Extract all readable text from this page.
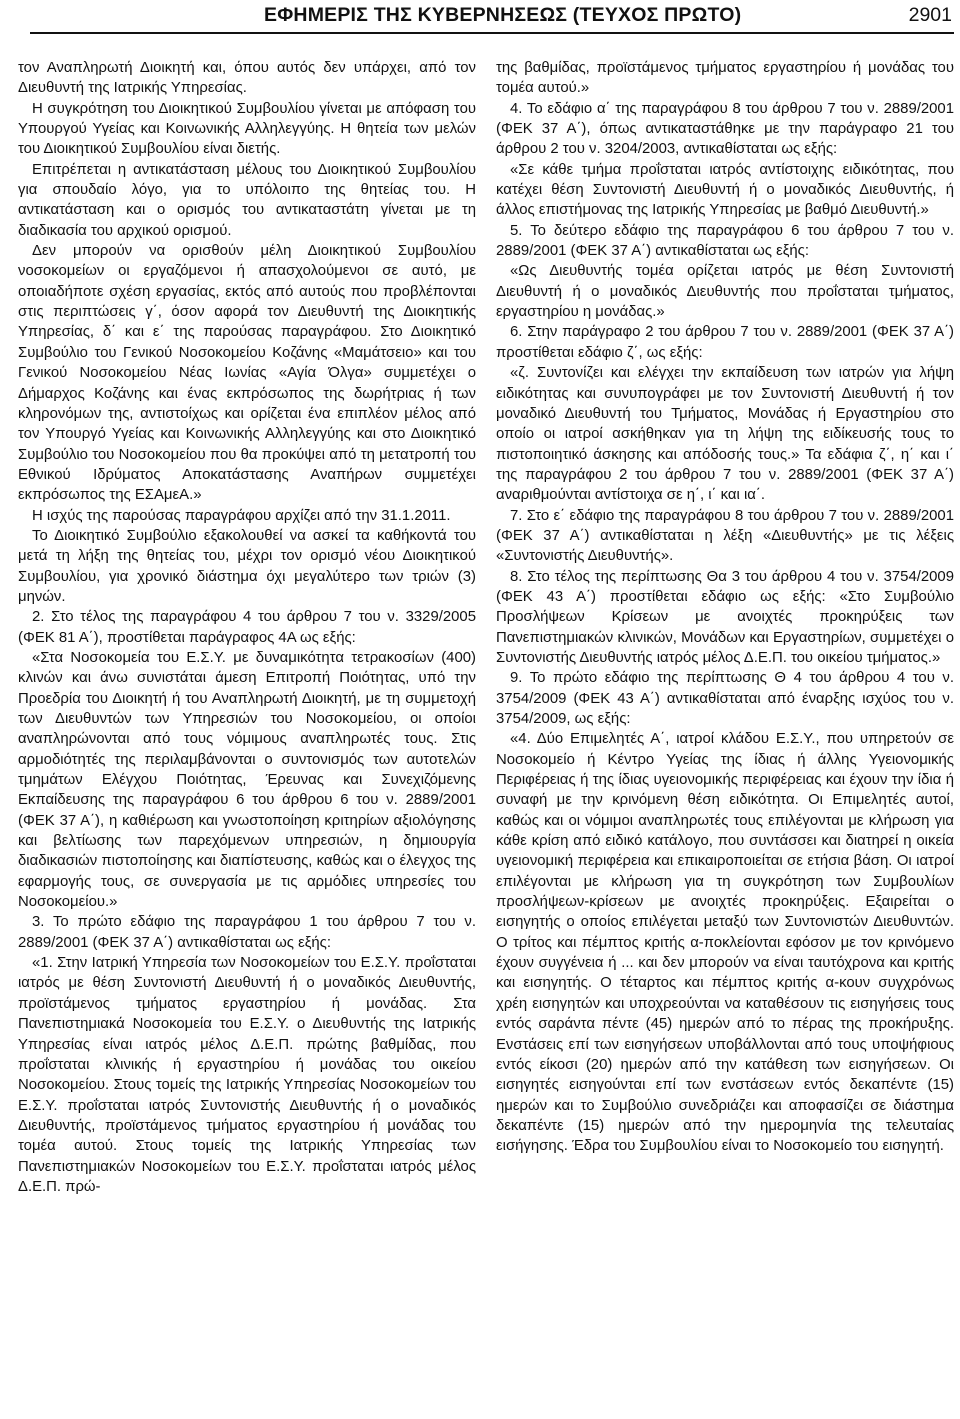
ΕΦΗΜΕΡΙΣ ΤΗΣ ΚΥΒΕΡΝΗΣΕΩΣ (ΤΕΥΧΟΣ ΠΡΩΤΟ)	2901

τον Αναπληρωτή Διοικητή και, όπου αυτός δεν υπάρχει, από τον Διευθυντή της Ιατρικής Υπηρεσίας.

Η συγκρότηση του Διοικητικού Συμβουλίου γίνεται με απόφαση του Υπουργού Υγείας και Κοινωνικής Αλληλεγγύης. Η θητεία των μελών του Διοικητικού Συμβουλίου είναι διετής.

Επιτρέπεται η αντικατάσταση μέλους του Διοικητικού Συμβουλίου για σπουδαίο λόγο, για το υπόλοιπο της θητείας του. Η αντικατάσταση και ο ορισμός του αντικαταστάτη γίνεται με τη διαδικασία του αρχικού ορισμού.

Δεν μπορούν να ορισθούν μέλη Διοικητικού Συμβουλίου νοσοκομείων οι εργαζόμενοι ή απασχολούμενοι σε αυτό, με οποιαδήποτε σχέση εργασίας, εκτός από αυτούς που προβλέπονται στις περιπτώσεις γ΄, όσον αφορά τον Διευθυντή της Διοικητικής Υπηρεσίας, δ΄ και ε΄ της παρούσας παραγράφου. Στο Διοικητικό Συμβούλιο του Γενικού Νοσοκομείου Κοζάνης «Μαμάτσειο» και του Γενικού Νοσοκομείου Νέας Ιωνίας «Αγία Όλγα» συμμετέχει ο Δήμαρχος Κοζάνης και ένας εκπρόσωπος της δωρήτριας ή των κληρονόμων της, αντιστοίχως και ορίζεται ένα επιπλέον μέλος από τον Υπουργό Υγείας και Κοινωνικής Αλληλεγγύης και στο Διοικητικό Συμβούλιο του Νοσοκομείου που θα προκύψει από τη μετατροπή του Εθνικού Ιδρύματος Αποκατάστασης Αναπήρων συμμετέχει εκπρόσωπος της ΕΣΑμεΑ.»

Η ισχύς της παρούσας παραγράφου αρχίζει από την 31.1.2011.

Το Διοικητικό Συμβούλιο εξακολουθεί να ασκεί τα καθήκοντά του μετά τη λήξη της θητείας του, μέχρι τον ορισμό νέου Διοικητικού Συμβουλίου, για χρονικό διάστημα όχι μεγαλύτερο των τριών (3) μηνών.

2. Στο τέλος της παραγράφου 4 του άρθρου 7 του ν. 3329/2005 (ΦΕΚ 81 Α΄), προστίθεται παράγραφος 4Α ως εξής:

«Στα Νοσοκομεία του Ε.Σ.Υ. με δυναμικότητα τετρακοσίων (400) κλινών και άνω συνιστάται άμεση Επιτροπή Ποιότητας, υπό την Προεδρία του Διοικητή ή του Αναπληρωτή Διοικητή, με τη συμμετοχή των Διευθυντών των Υπηρεσιών του Νοσοκομείου, οι οποίοι αναπληρώνονται από τους νόμιμους αναπληρωτές τους. Στις αρμοδιότητές της περιλαμβάνονται ο συντονισμός των αυτοτελών τμημάτων Ελέγχου Ποιότητας, Έρευνας και Συνεχιζόμενης Εκπαίδευσης της παραγράφου 6 του άρθρου 6 του ν. 2889/2001 (ΦΕΚ 37 Α΄), η καθιέρωση και γνωστοποίηση κριτηρίων αξιολόγησης και βελτίωσης των παρεχόμενων υπηρεσιών, η δημιουργία διαδικασιών πιστοποίησης και διαπίστευσης, καθώς και ο έλεγχος της εφαρμογής τους, σε συνεργασία με τις αρμόδιες υπηρεσίες του Νοσοκομείου.»

3. Το πρώτο εδάφιο της παραγράφου 1 του άρθρου 7 του ν. 2889/2001 (ΦΕΚ 37 Α΄) αντικαθίσταται ως εξής:

«1. Στην Ιατρική Υπηρεσία των Νοσοκομείων του Ε.Σ.Υ. προΐσταται ιατρός με θέση Συντονιστή Διευθυντή ή ο μοναδικός Διευθυντής, προϊστάμενος τμήματος εργαστηρίου ή μονάδας. Στα Πανεπιστημιακά Νοσοκομεία του Ε.Σ.Υ. ο Διευθυντής της Ιατρικής Υπηρεσίας είναι ιατρός μέλος Δ.Ε.Π. πρώτης βαθμίδας, που προΐσταται κλινικής ή εργαστηρίου ή μονάδας του οικείου Νοσοκομείου. Στους τομείς της Ιατρικής Υπηρεσίας Νοσοκομείων του Ε.Σ.Υ. προΐσταται ιατρός Συντονιστής Διευθυντής ή ο μοναδικός Διευθυντής, προϊστάμενος τμήματος εργαστηρίου ή μονάδας του τομέα αυτού. Στους τομείς της Ιατρικής Υπηρεσίας των Πανεπιστημιακών Νοσοκομείων του Ε.Σ.Υ. προΐσταται ιατρός μέλος Δ.Ε.Π. πρώ-

της βαθμίδας, προϊστάμενος τμήματος εργαστηρίου ή μονάδας του τομέα αυτού.»

4. Το εδάφιο α΄ της παραγράφου 8 του άρθρου 7 του ν. 2889/2001 (ΦΕΚ 37 Α΄), όπως αντικαταστάθηκε με την παράγραφο 21 του άρθρου 2 του ν. 3204/2003, αντικαθίσταται ως εξής:

«Σε κάθε τμήμα προΐσταται ιατρός αντίστοιχης ειδικότητας, που κατέχει θέση Συντονιστή Διευθυντή ή ο μοναδικός Διευθυντής, ή άλλος επιστήμονας της Ιατρικής Υπηρεσίας με βαθμό Διευθυντή.»

5. Το δεύτερο εδάφιο της παραγράφου 6 του άρθρου 7 του ν. 2889/2001 (ΦΕΚ 37 Α΄) αντικαθίσταται ως εξής:

«Ως Διευθυντής τομέα ορίζεται ιατρός με θέση Συντονιστή Διευθυντή ή ο μοναδικός Διευθυντής που προΐσταται τμήματος, εργαστηρίου η μονάδας.»

6. Στην παράγραφο 2 του άρθρου 7 του ν. 2889/2001 (ΦΕΚ 37 Α΄) προστίθεται εδάφιο ζ΄, ως εξής:

«ζ. Συντονίζει και ελέγχει την εκπαίδευση των ιατρών για λήψη ειδικότητας και συνυπογράφει με τον Συντονιστή Διευθυντή ή τον μοναδικό Διευθυντή του Τμήματος, Μονάδας ή Εργαστηρίου στο οποίο οι ιατροί ασκήθηκαν για τη λήψη της ειδίκευσής τους το πιστοποιητικό άσκησης και απόδοσής τους.» Τα εδάφια ζ΄, η΄ και ι΄ της παραγράφου 2 του άρθρου 7 του ν. 2889/2001 (ΦΕΚ 37 Α΄) αναριθμούνται αντίστοιχα σε η΄, ι΄ και ια΄.

7. Στο ε΄ εδάφιο της παραγράφου 8 του άρθρου 7 του ν. 2889/2001 (ΦΕΚ 37 Α΄) αντικαθίσταται η λέξη «Διευθυντής» με τις λέξεις «Συντονιστής Διευθυντής».

8. Στο τέλος της περίπτωσης Θα 3 του άρθρου 4 του ν. 3754/2009 (ΦΕΚ 43 Α΄) προστίθεται εδάφιο ως εξής: «Στο Συμβούλιο Προσλήψεων Κρίσεων με ανοιχτές προκηρύξεις των Πανεπιστημιακών κλινικών, Μονάδων και Εργαστηρίων, συμμετέχει ο Συντονιστής Διευθυντής ιατρός μέλος Δ.Ε.Π. του οικείου τμήματος.»

9. Το πρώτο εδάφιο της περίπτωσης Θ 4 του άρθρου 4 του ν. 3754/2009 (ΦΕΚ 43 Α΄) αντικαθίσταται από έναρξης ισχύος του ν. 3754/2009, ως εξής:

«4. Δύο Επιμελητές Α΄, ιατροί κλάδου Ε.Σ.Υ., που υπηρετούν σε Νοσοκομείο ή Κέντρο Υγείας της ίδιας ή άλλης Υγειονομικής Περιφέρειας ή της ίδιας υγειονομικής περιφέρειας και έχουν την ίδια ή συναφή με την κρινόμενη θέση ειδικότητα. Οι Επιμελητές αυτοί, καθώς και οι νόμιμοι αναπληρωτές τους επιλέγονται με κλήρωση για κάθε κρίση από ειδικό κατάλογο, που συντάσσει και διατηρεί η οικεία υγειονομική περιφέρεια και επικαιροποιείται σε ετήσια βάση. Οι ιατροί επιλέγονται με κλήρωση για τη συγκρότηση των Συμβουλίων προσλήψεων-κρίσεων με ανοιχτές προκηρύξεις. Εξαιρείται ο εισηγητής ο οποίος επιλέγεται μεταξύ των Συντονιστών Διευθυντών. Ο τρίτος και πέμπτος κριτής α-ποκλείονται εφόσον με τον κρινόμενο έχουν συγγένεια ή ... και δεν μπορούν να είναι ταυτόχρονα και κριτής και εισηγητής. Ο τέταρτος και πέμπτος κριτής α-κουν συγχρόνως χρέη εισηγητών και υποχρεούνται να καταθέσουν τις εισηγήσεις τους εντός σαράντα πέντε (45) ημερών από το πέρας της προκήρυξης. Ενστάσεις επί των εισηγήσεων υποβάλλονται από τους υποψήφιους εντός είκοσι (20) ημερών από την κατάθεση των εισηγήσεων. Οι εισηγητές εισηγούνται επί των ενστάσεων εντός δεκαπέντε (15) ημερών και το Συμβούλιο συνεδριάζει και αποφασίζει σε διάστημα δεκαπέντε (15) ημερών από την ημερομηνία της τελευταίας εισήγησης. Έδρα του Συμβουλίου είναι το Νοσοκομείο του εισηγητή.
